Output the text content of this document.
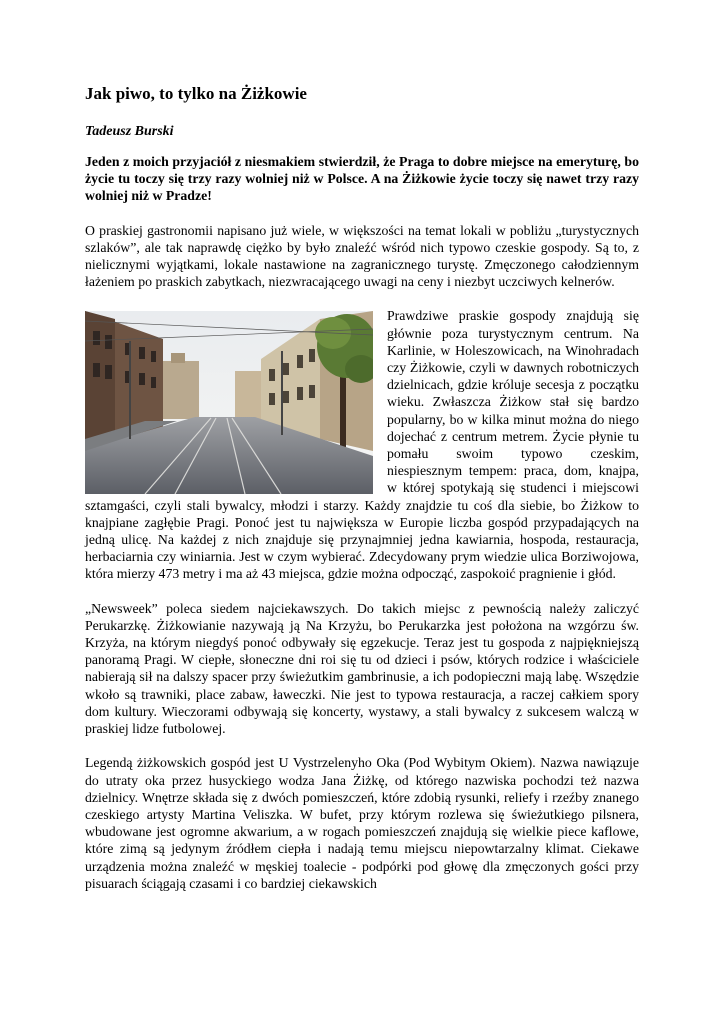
Jak piwo, to tylko na Żiżkowie
Tadeusz Burski

Jeden z moich przyjaciół z niesmakiem stwierdził, że Praga to dobre miejsce na emeryturę, bo życie tu toczy się trzy razy wolniej niż w Polsce. A na Żiżkowie życie toczy się nawet trzy razy wolniej niż w Pradze!

O praskiej gastronomii napisano już wiele, w większości na temat lokali w pobliżu „turystycznych szlaków”, ale tak naprawdę ciężko by było znaleźć wśród nich typowo czeskie gospody. Są to, z nielicznymi wyjątkami, lokale nastawione na zagranicznego turystę. Zmęczonego całodziennym łażeniem po praskich zabytkach, niezwracającego uwagi na ceny i niezbyt uczciwych kelnerów.

Prawdziwe praskie gospody znajdują się głównie poza turystycznym centrum. Na Karlinie, w Holeszowicach, na Winohradach czy Żiżkowie, czyli w dawnych robotniczych dzielnicach, gdzie króluje secesja z początku wieku. Zwłaszcza Żiżkow stał się bardzo popularny, bo w kilka minut można do niego dojechać z centrum metrem. Życie płynie tu pomału swoim typowo czeskim, niespiesznym tempem: praca, dom, knajpa, w której spotykają się studenci i miejscowi sztamgaści, czyli stali bywalcy, młodzi i starzy. Każdy znajdzie tu coś dla siebie, bo Żiżkow to knajpiane zagłębie Pragi. Ponoć jest tu największa w Europie liczba gospód przypadających na jedną ulicę. Na każdej z nich znajduje się przynajmniej jedna kawiarnia, hospoda, restauracja, herbaciarnia czy winiarnia. Jest w czym wybierać. Zdecydowany prym wiedzie ulica Borziwojowa, która mierzy 473 metry i ma aż 43 miejsca, gdzie można odpocząć, zaspokoić pragnienie i głód.

„Newsweek” poleca siedem najciekawszych. Do takich miejsc z pewnością należy zaliczyć Perukarzkę. Żiżkowianie nazywają ją Na Krzyżu, bo Perukarzka jest położona na wzgórzu św. Krzyża, na którym niegdyś ponoć odbywały się egzekucje. Teraz jest tu gospoda z najpiękniejszą panoramą Pragi. W ciepłe, słoneczne dni roi się tu od dzieci i psów, których rodzice i właściciele nabierają sił na dalszy spacer przy świeżutkim gambrinusie, a ich podopieczni mają labę. Wszędzie wkoło są trawniki, place zabaw, ławeczki. Nie jest to typowa restauracja, a raczej całkiem spory dom kultury. Wieczorami odbywają się koncerty, wystawy, a stali bywalcy z sukcesem walczą w praskiej lidze futbolowej.

Legendą żiżkowskich gospód jest U Vystrzelenyho Oka (Pod Wybitym Okiem). Nazwa nawiązuje do utraty oka przez husyckiego wodza Jana Żiżkę, od którego nazwiska pochodzi też nazwa dzielnicy. Wnętrze składa się z dwóch pomieszczeń, które zdobią rysunki, reliefy i rzeźby znanego czeskiego artysty Martina Veliszka. W bufet, przy którym rozlewa się świeżutkiego pilsnera, wbudowane jest ogromne akwarium, a w rogach pomieszczeń znajdują się wielkie piece kaflowe, które zimą są jedynym źródłem ciepła i nadają temu miejscu niepowtarzalny klimat. Ciekawe urządzenia można znaleźć w męskiej toalecie - podpórki pod głowę dla zmęczonych gości przy pisuarach ściągają czasami i co bardziej ciekawskich
